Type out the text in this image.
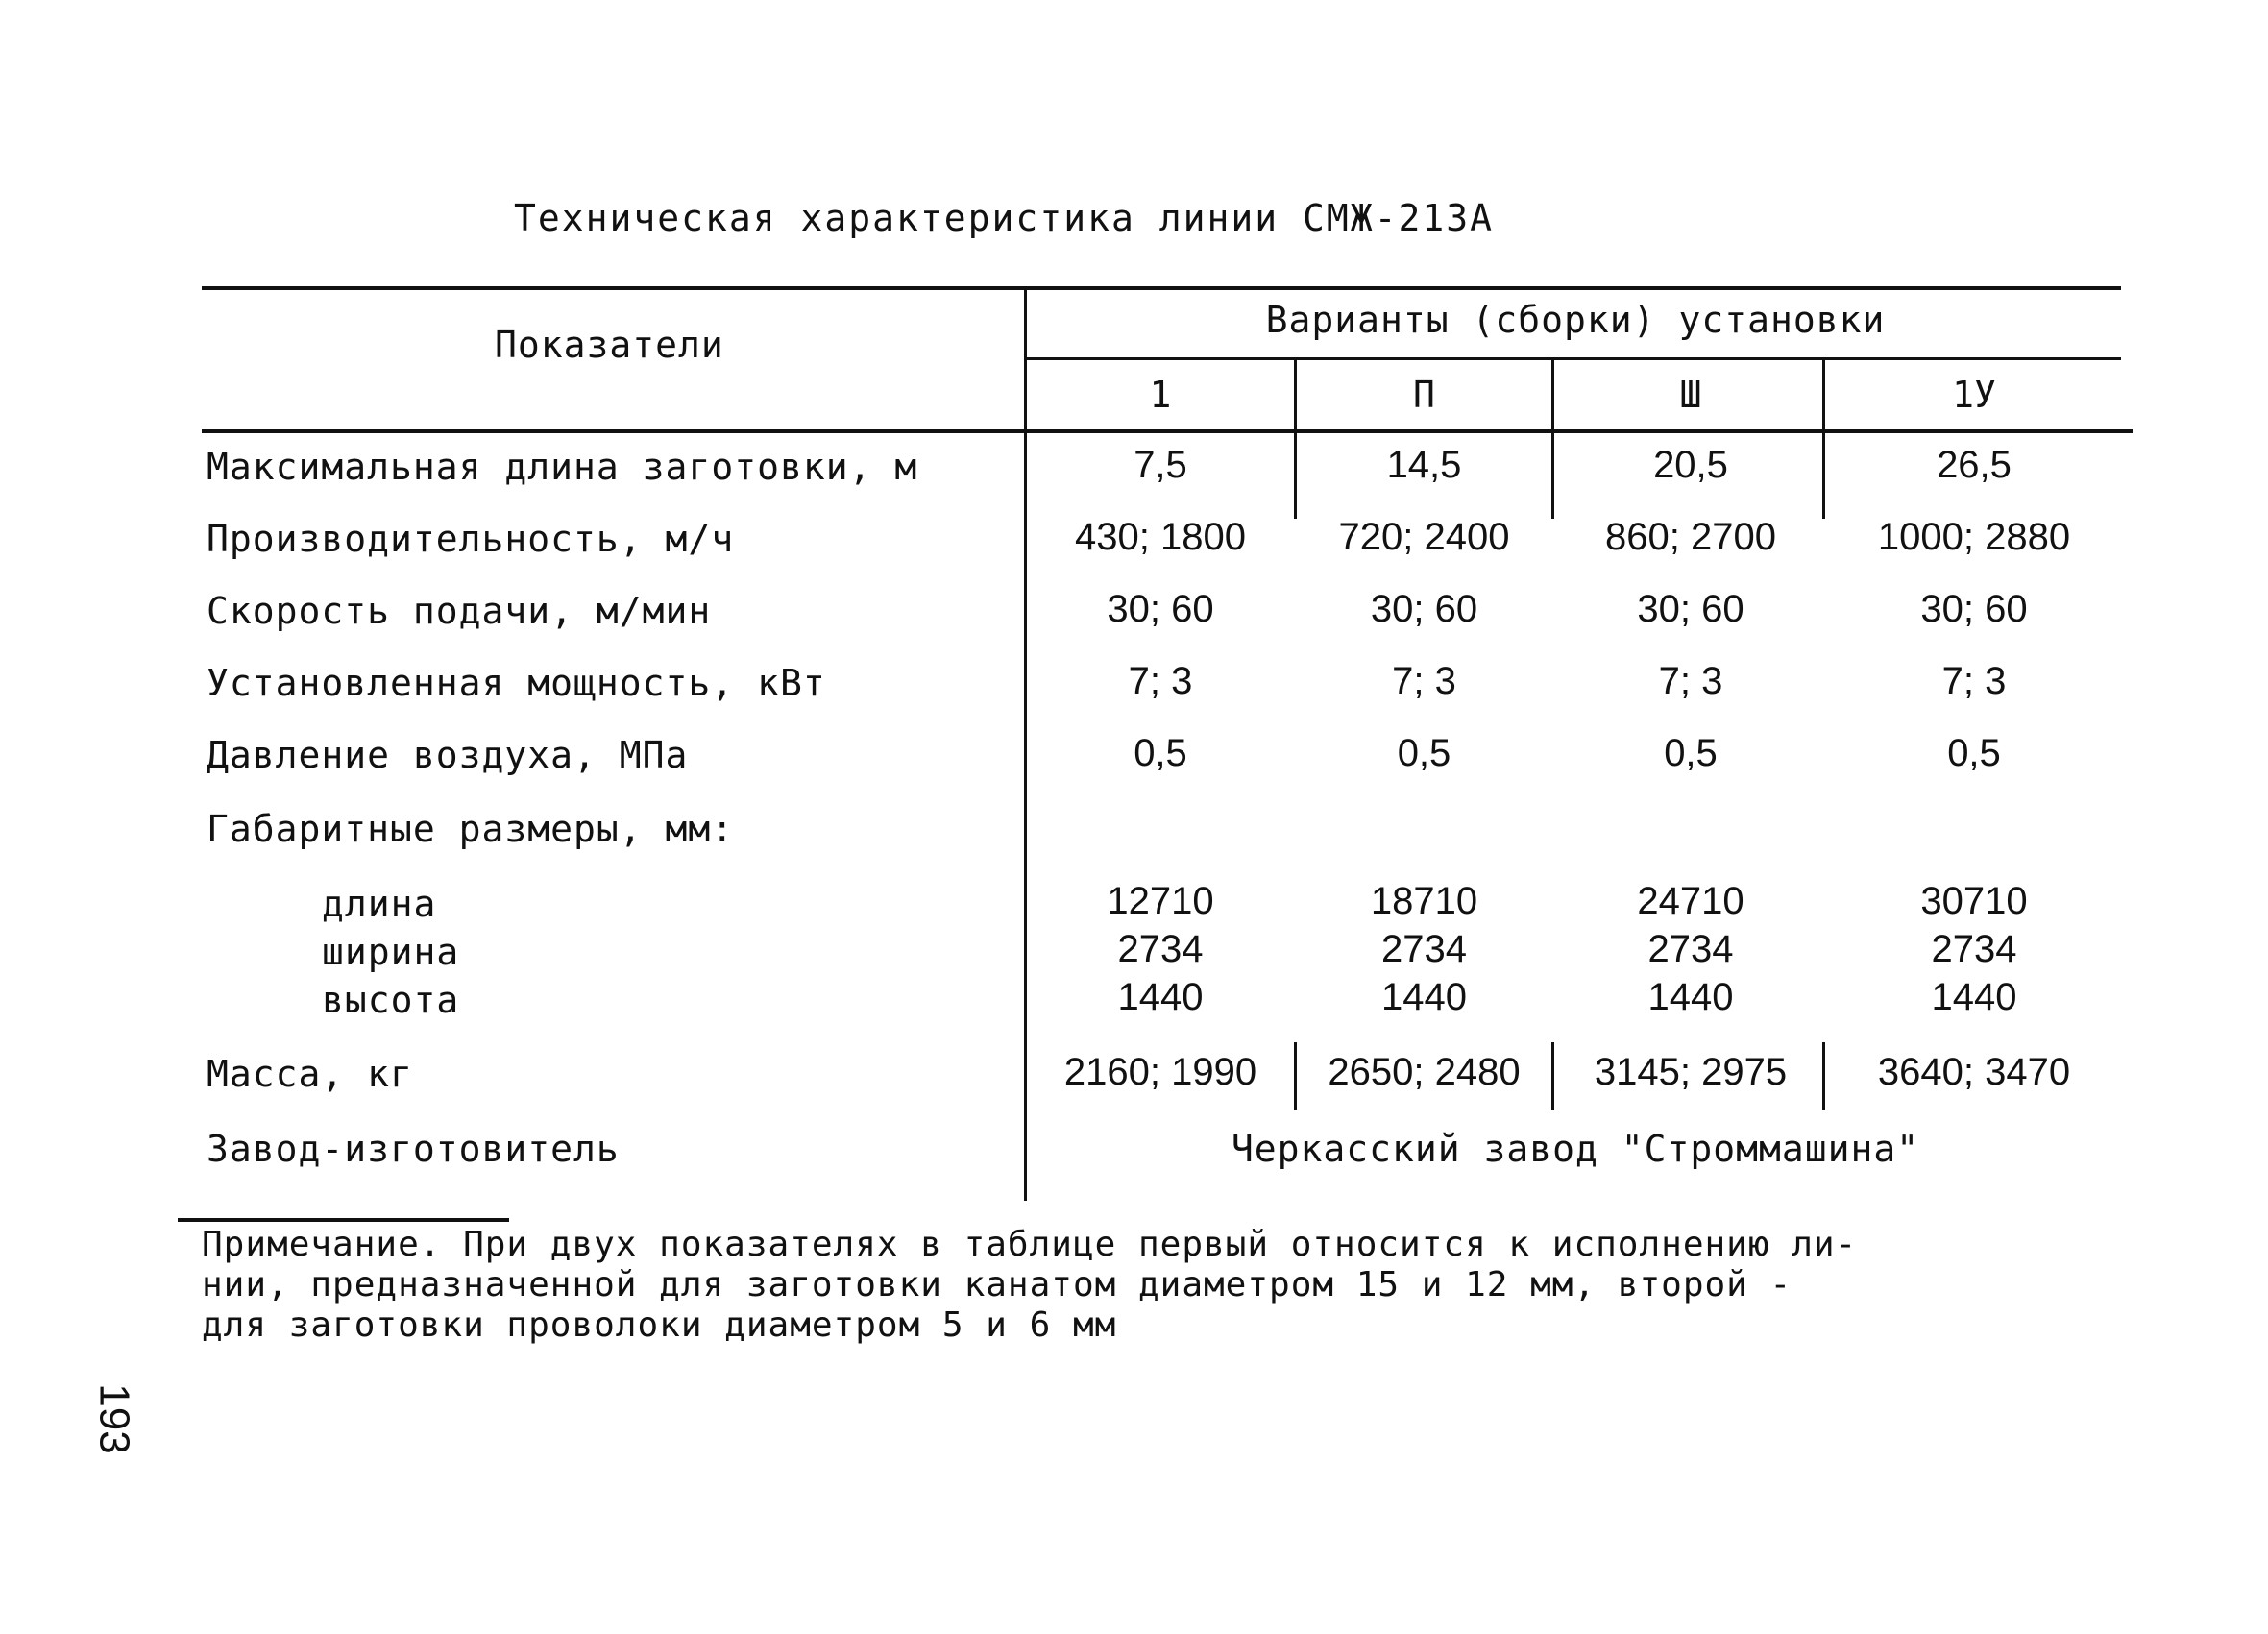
Техническая характеристика линии СМЖ-213А
Показатели
Варианты (сборки) установки
1	П	Ш	1У
Максимальная длина заготовки, м	7,5	14,5	20,5	26,5
Производительность, м/ч	430; 1800	720; 2400	860; 2700	1000; 2880
Скорость подачи, м/мин	30; 60	30; 60	30; 60	30; 60
Установленная мощность, кВт	7; 3	7; 3	7; 3	7; 3
Давление воздуха, МПа	0,5	0,5	0,5	0,5
Габаритные размеры, мм:
длина	12710	18710	24710	30710
ширина	2734	2734	2734	2734
высота	1440	1440	1440	1440
Масса, кг	2160; 1990	2650; 2480	3145; 2975	3640; 3470
Завод-изготовитель	Черкасский завод "Строммашина"

Примечание. При двух показателях в таблице первый относится к исполнению ли-

нии, предназначенной для заготовки канатом диаметром 15 и 12 мм, второй -

для заготовки проволоки диаметром 5 и 6 мм

193
